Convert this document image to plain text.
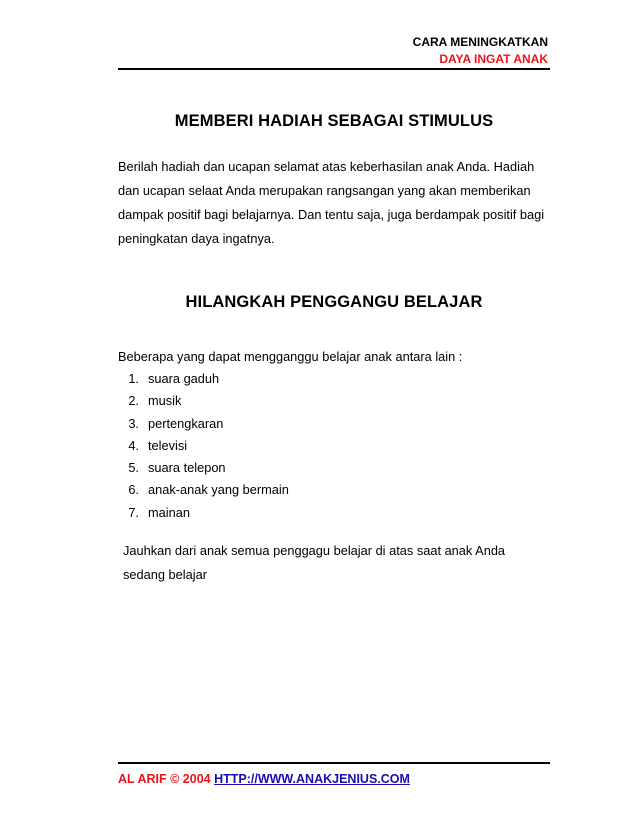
CARA MENINGKATKAN
DAYA INGAT ANAK
MEMBERI HADIAH SEBAGAI STIMULUS

Berilah hadiah dan ucapan selamat atas keberhasilan anak Anda. Hadiah dan ucapan selaat Anda merupakan rangsangan yang akan memberikan dampak positif bagi belajarnya. Dan tentu saja, juga berdampak positif bagi peningkatan daya ingatnya.

HILANGKAH PENGGANGU BELAJAR

Beberapa yang dapat mengganggu belajar anak antara lain :

1. suara gaduh
2. musik
3. pertengkaran
4. televisi
5. suara telepon
6. anak-anak yang bermain
7. mainan

Jauhkan dari anak semua penggagu belajar di atas saat anak Anda sedang belajar

AL ARIF © 2004 HTTP://WWW.ANAKJENIUS.COM
